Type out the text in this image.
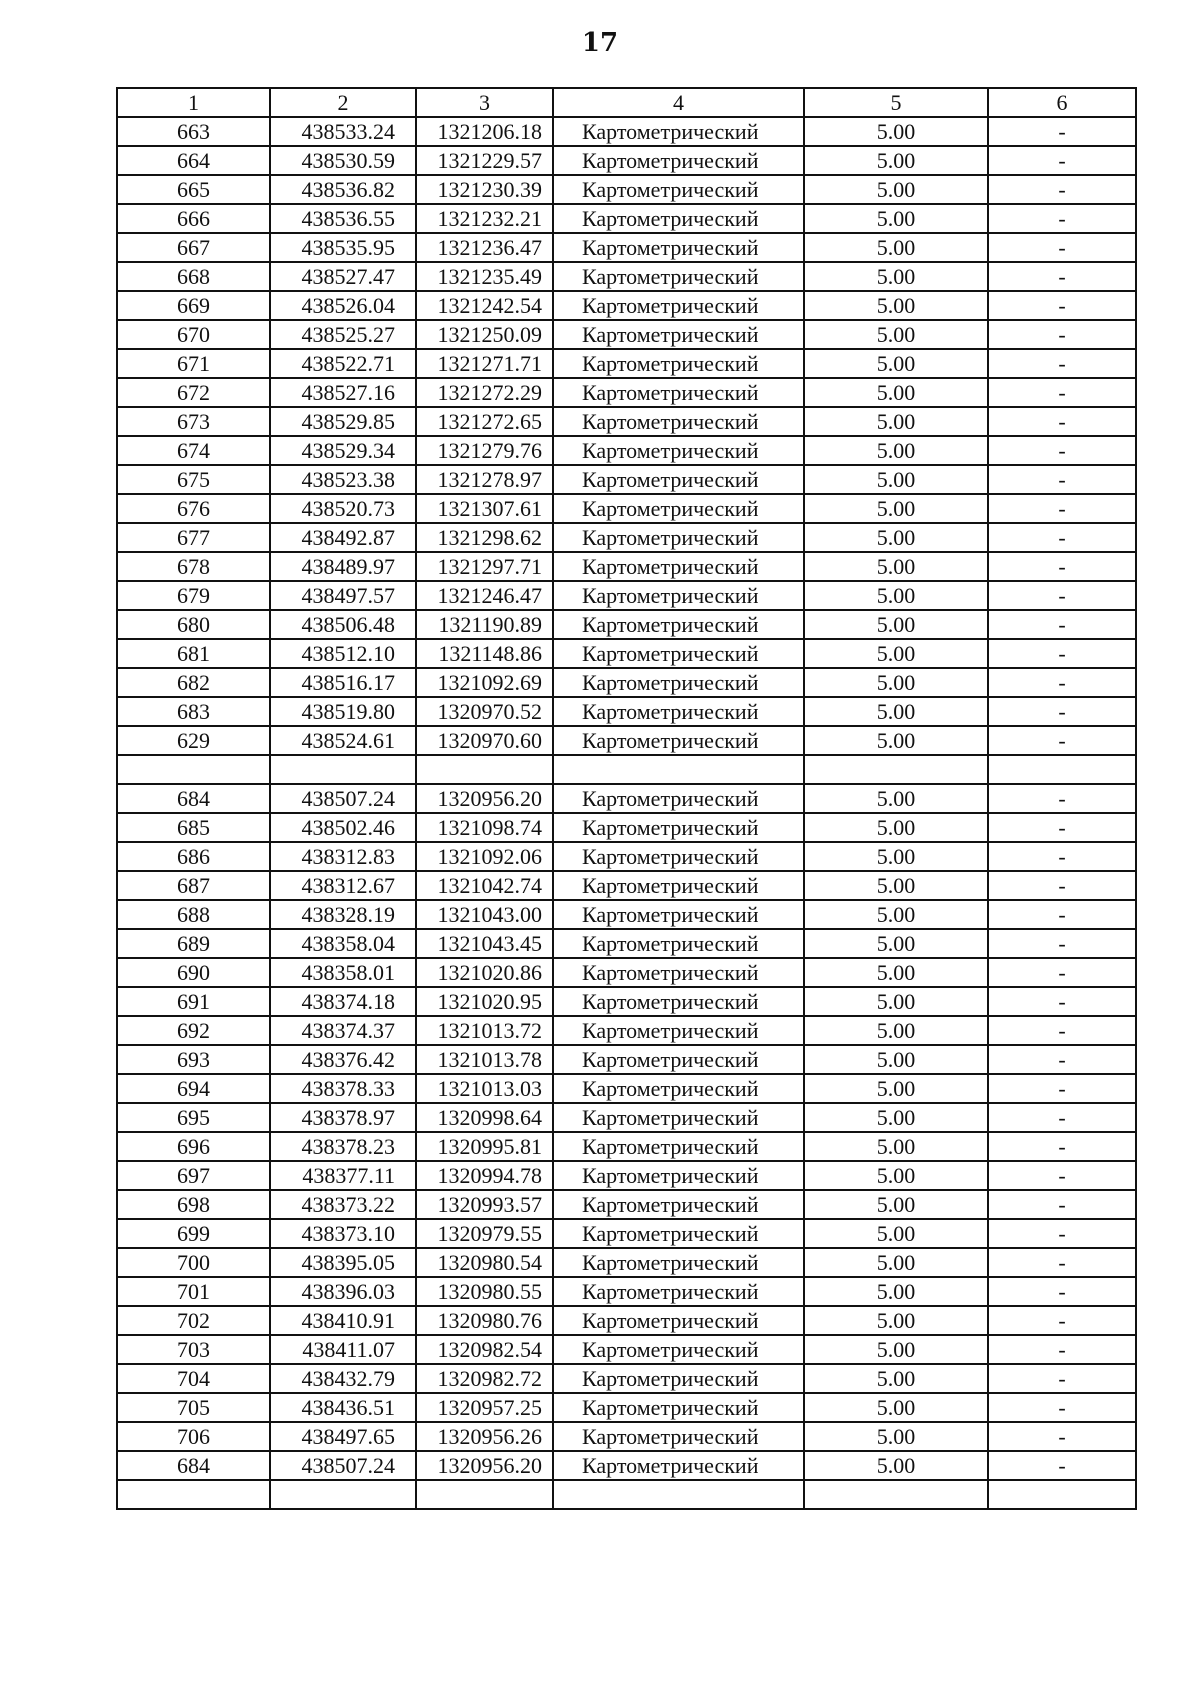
17
1	2	3	4	5	6
663	438533.24	1321206.18	Картометрический	5.00	-
664	438530.59	1321229.57	Картометрический	5.00	-
665	438536.82	1321230.39	Картометрический	5.00	-
666	438536.55	1321232.21	Картометрический	5.00	-
667	438535.95	1321236.47	Картометрический	5.00	-
668	438527.47	1321235.49	Картометрический	5.00	-
669	438526.04	1321242.54	Картометрический	5.00	-
670	438525.27	1321250.09	Картометрический	5.00	-
671	438522.71	1321271.71	Картометрический	5.00	-
672	438527.16	1321272.29	Картометрический	5.00	-
673	438529.85	1321272.65	Картометрический	5.00	-
674	438529.34	1321279.76	Картометрический	5.00	-
675	438523.38	1321278.97	Картометрический	5.00	-
676	438520.73	1321307.61	Картометрический	5.00	-
677	438492.87	1321298.62	Картометрический	5.00	-
678	438489.97	1321297.71	Картометрический	5.00	-
679	438497.57	1321246.47	Картометрический	5.00	-
680	438506.48	1321190.89	Картометрический	5.00	-
681	438512.10	1321148.86	Картометрический	5.00	-
682	438516.17	1321092.69	Картометрический	5.00	-
683	438519.80	1320970.52	Картометрический	5.00	-
629	438524.61	1320970.60	Картометрический	5.00	-

684	438507.24	1320956.20	Картометрический	5.00	-
685	438502.46	1321098.74	Картометрический	5.00	-
686	438312.83	1321092.06	Картометрический	5.00	-
687	438312.67	1321042.74	Картометрический	5.00	-
688	438328.19	1321043.00	Картометрический	5.00	-
689	438358.04	1321043.45	Картометрический	5.00	-
690	438358.01	1321020.86	Картометрический	5.00	-
691	438374.18	1321020.95	Картометрический	5.00	-
692	438374.37	1321013.72	Картометрический	5.00	-
693	438376.42	1321013.78	Картометрический	5.00	-
694	438378.33	1321013.03	Картометрический	5.00	-
695	438378.97	1320998.64	Картометрический	5.00	-
696	438378.23	1320995.81	Картометрический	5.00	-
697	438377.11	1320994.78	Картометрический	5.00	-
698	438373.22	1320993.57	Картометрический	5.00	-
699	438373.10	1320979.55	Картометрический	5.00	-
700	438395.05	1320980.54	Картометрический	5.00	-
701	438396.03	1320980.55	Картометрический	5.00	-
702	438410.91	1320980.76	Картометрический	5.00	-
703	438411.07	1320982.54	Картометрический	5.00	-
704	438432.79	1320982.72	Картометрический	5.00	-
705	438436.51	1320957.25	Картометрический	5.00	-
706	438497.65	1320956.26	Картометрический	5.00	-
684	438507.24	1320956.20	Картометрический	5.00	-
